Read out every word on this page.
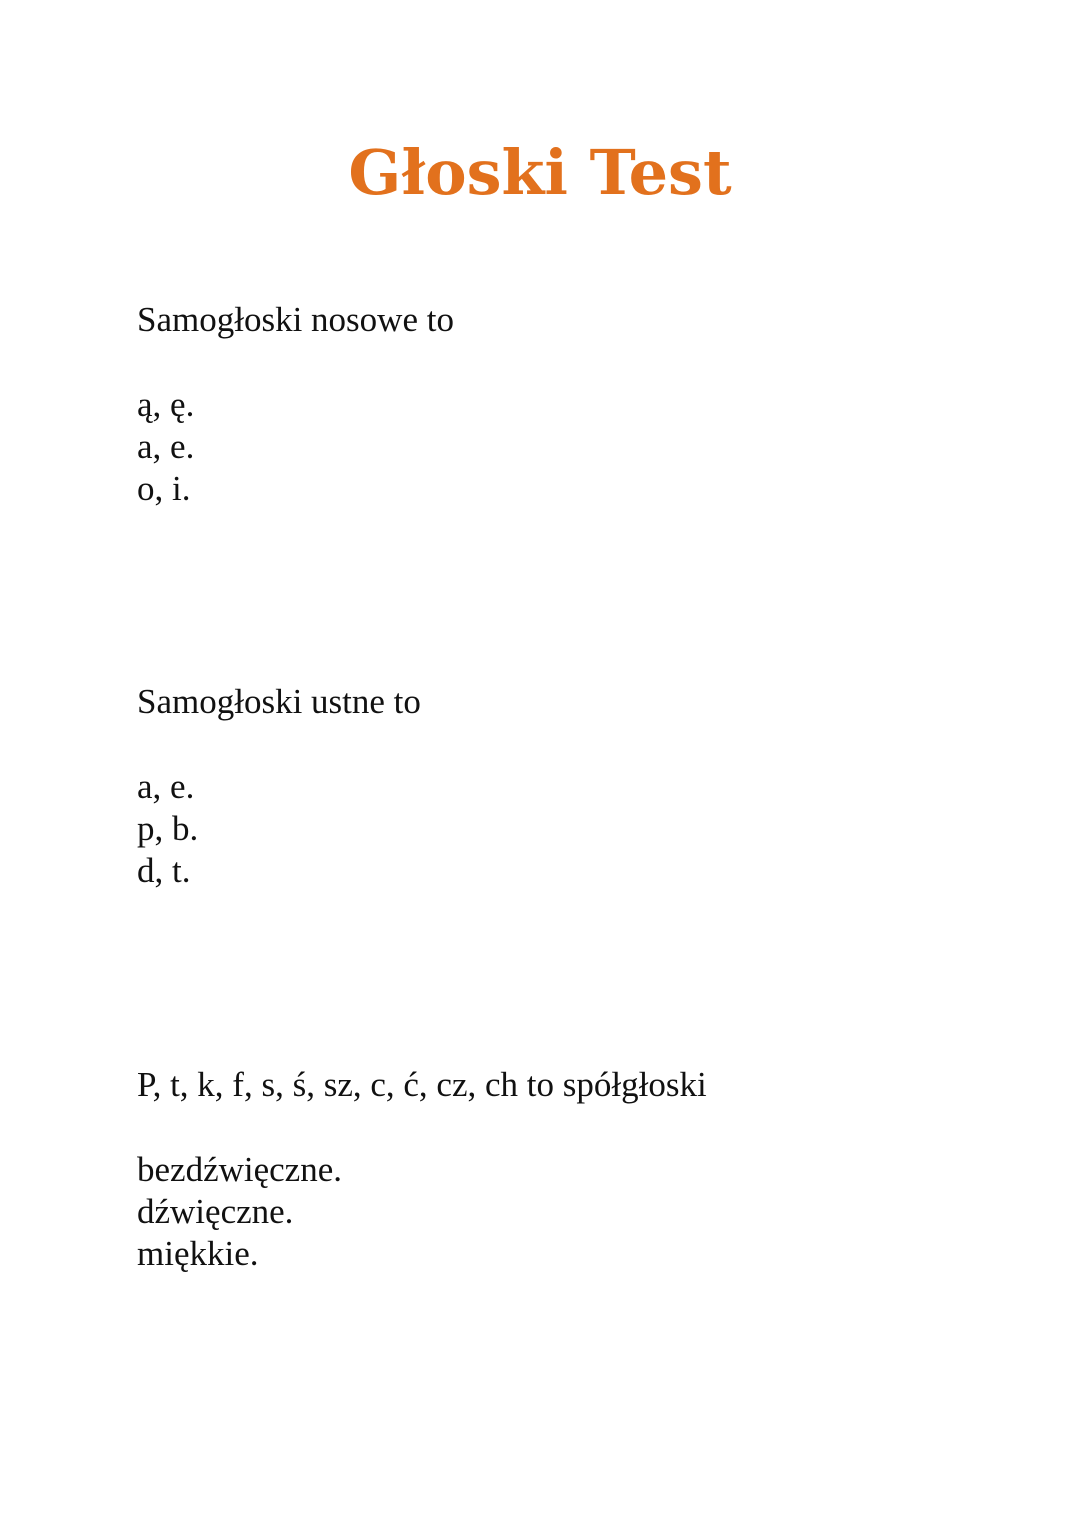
Głoski Test

Samogłoski nosowe to

ą, ę.
a, e.
o, i.

Samogłoski ustne to

a, e.
p, b.
d, t.

P, t, k, f, s, ś, sz, c, ć, cz, ch to spółgłoski

bezdźwięczne.
dźwięczne.
miękkie.
